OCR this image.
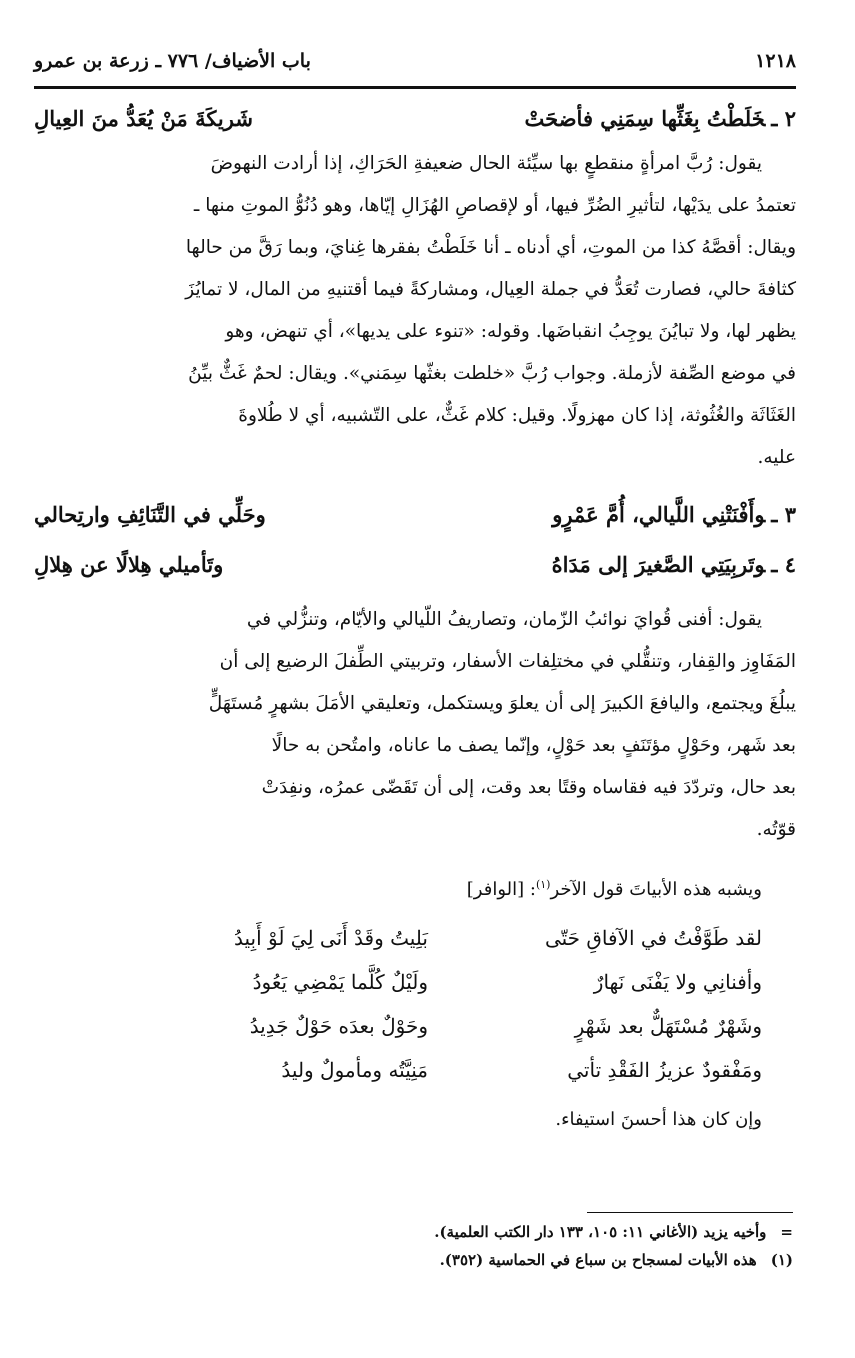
١٢١٨
باب الأضياف/ ٧٧٦ ـ زرعة بن عمرو
٢ ـخَلَطْتُ بِغَثِّها سِمَنِي فأضحَتْ
شَريكَةَ مَنْ يُعَدُّ منَ العِيالِ
يقول: رُبَّ امرأةٍ منقطعٍ بها سيِّئة الحال ضعيفةِ الحَرَاكِ، إذا أرادت النهوضَ
تعتمدُ على يدَيْها، لتأثيرِ الضُرِّ فيها، أو لإقصاصِ الهُزَالِ إيّاها، وهو دُنُوُّ الموتِ منها ـ
ويقال: أقصَّهُ كذا من الموتِ، أي أدناه ـ أنا خَلَطْتُ بفقرها غِنايَ، وبما رَقَّ من حالها
كثافةَ حالي، فصارت تُعَدُّ في جملة العِيال، ومشاركةً فيما أقتنيهِ من المال، لا تمايُزَ
يظهر لها، ولا تبايُنَ يوجِبُ انقباضَها. وقوله: «تنوء على يديها»، أي تنهض، وهو
في موضع الصِّفة لأزملة. وجواب رُبَّ «خلطت بغثّها سِمَني». ويقال: لحمٌ غَثٌّ بيِّنُ
الغَثَاثَة والغُثُوثة، إذا كان مهزولًا. وقيل: كلام غَثٌّ، على التّشبيه، أي لا طُلاوةَ
عليه.
٣ ـوأَفْنَتْنِي اللَّيالي، أُمَّ عَمْرٍو
وحَلِّي في التَّنَائِفِ وارتِحالي
٤ ـوتَربِيَتِي الصَّغيرَ إلى مَدَاهُ
وتَأميلي هِلالًا عن هِلالِ
يقول: أفنى قُوايَ نوائبُ الزّمان، وتصاريفُ اللّيالي والأيّام، وتنزُّلي في
المَفَاوِز والقِفار، وتنقُّلي في مختلِفات الأسفار، وتربيتي الطِّفلَ الرضيع إلى أن
يبلُغَ ويجتمع، واليافعَ الكبيرَ إلى أن يعلوَ ويستكمل، وتعليقي الأمَلَ بشهرٍ مُستَهَلٍّ
بعد شَهر، وحَوْلٍ مؤتَنَفٍ بعد حَوْلٍ، وإنّما يصف ما عاناه، وامتُحن به حالًا
بعد حال، وتردّدَ فيه فقاساه وقتًا بعد وقت، إلى أن تَقَضّى عمرُه، ونفِدَتْ
قوّتُه.
ويشبه هذه الأبياتَ قول الآخر$^{(١)}$: [الوافر]
لقد طَوَّفْتُ في الآفاقِ حَتّى
بَلِيتُ وقَدْ أَنَى لِيَ لَوْ أَبِيدُ
وأفنانِي ولا يَفْنَى نَهارٌ
ولَيْلٌ كُلَّما يَمْضِي يَعُودُ
وشَهْرٌ مُسْتَهَلٌّ بعد شَهْرٍ
وحَوْلٌ بعدَه حَوْلٌ جَدِيدُ
ومَفْقودٌ عزيزُ الفَقْدِ تأتي
مَنِيَّتُه ومأمولٌ وليدُ
وإن كان هذا أحسنَ استيفاء.
=وأخيه يزيد (الأغاني ١١: ١٠٥، ١٣٣ دار الكتب العلمية).
(١)هذه الأبيات لمسجاح بن سباع في الحماسية (٣٥٢).
